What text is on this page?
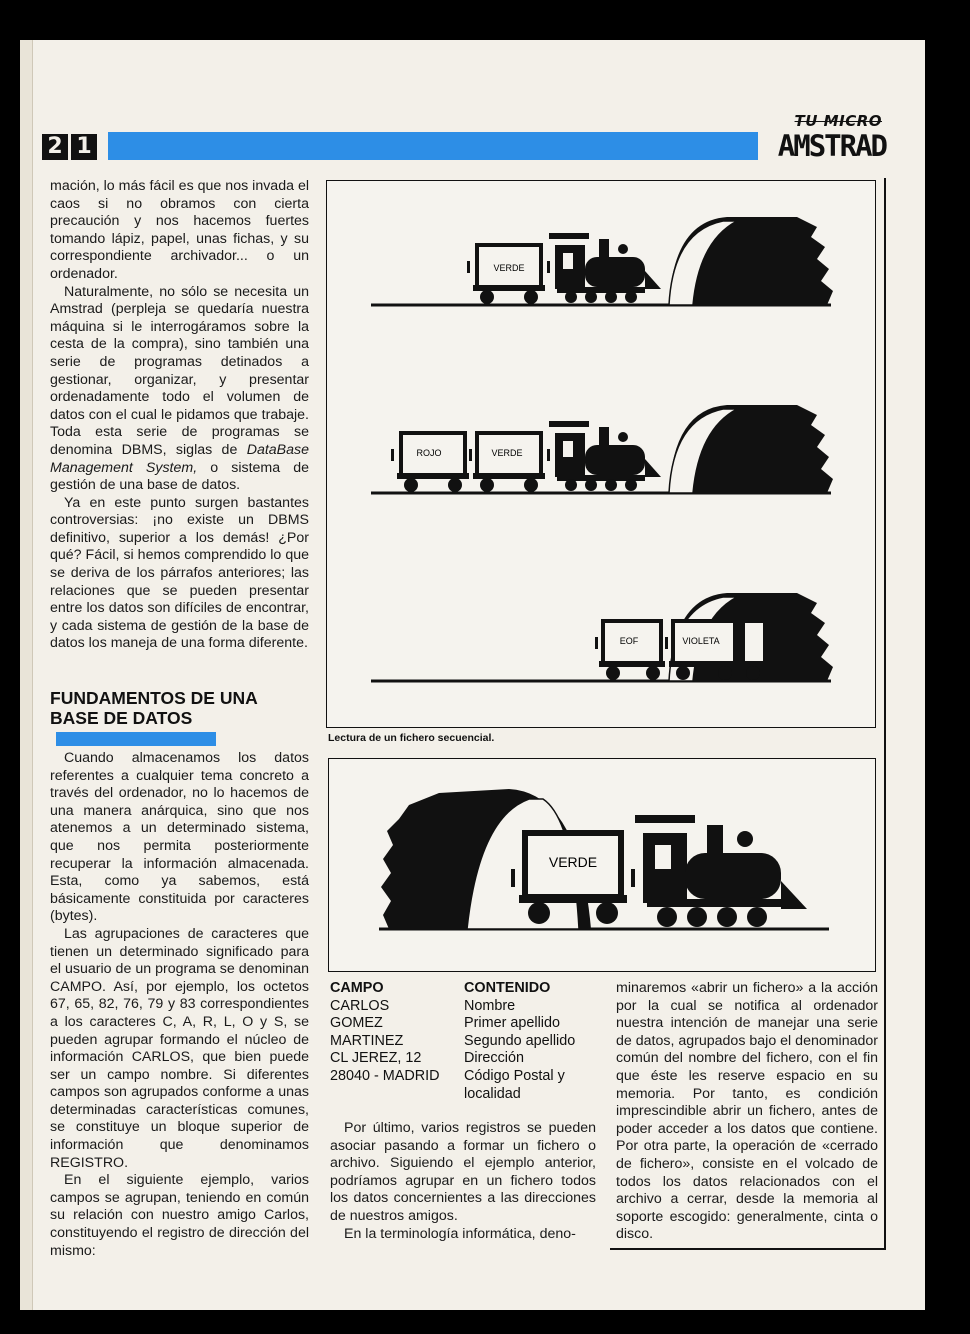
2 1
TU MICRO
AMSTRAD

mación, lo más fácil es que nos invada el caos si no obramos con cierta precaución y nos hacemos fuertes tomando lápiz, papel, unas fichas, y su correspondiente archivador... o un ordenador.

Naturalmente, no sólo se necesita un Amstrad (perpleja se quedaría nuestra máquina si le interrogáramos sobre la cesta de la compra), sino también una serie de programas detinados a gestionar, organizar, y presentar ordenadamente todo el volumen de datos con el cual le pidamos que trabaje. Toda esta serie de programas se denomina DBMS, siglas de DataBase Management System, o sistema de gestión de una base de datos.

Ya en este punto surgen bastantes controversias: ¡no existe un DBMS definitivo, superior a los demás! ¿Por qué? Fácil, si hemos comprendido lo que se deriva de los párrafos anteriores; las relaciones que se pueden presentar entre los datos son difíciles de encontrar, y cada sistema de gestión de la base de datos los maneja de una forma diferente.

FUNDAMENTOS DE UNA BASE DE DATOS

Cuando almacenamos los datos referentes a cualquier tema concreto a través del ordenador, no lo hacemos de una manera anárquica, sino que nos atenemos a un determinado sistema, que nos permita posteriormente recuperar la información almacenada. Esta, como ya sabemos, está básicamente constituida por caracteres (bytes).

Las agrupaciones de caracteres que tienen un determinado significado para el usuario de un programa se denominan CAMPO. Así, por ejemplo, los octetos 67, 65, 82, 76, 79 y 83 correspondientes a los caracteres C, A, R, L, O y S, se pueden agrupar formando el núcleo de información CARLOS, que bien puede ser un campo nombre. Si diferentes campos son agrupados conforme a unas determinadas características comunes, se constituye un bloque superior de información que denominamos REGISTRO.

En el siguiente ejemplo, varios campos se agrupan, teniendo en común su relación con nuestro amigo Carlos, constituyendo el registro de dirección del mismo:

VERDE
ROJO	VERDE
EOF	VIOLETA
Lectura de un fichero secuencial.
VERDE
CAMPO	CONTENIDO
CARLOS	Nombre
GOMEZ	Primer apellido
MARTINEZ	Segundo apellido
CL JEREZ, 12	Dirección
28040 - MADRID	Código Postal y localidad

Por último, varios registros se pueden asociar pasando a formar un fichero o archivo. Siguiendo el ejemplo anterior, podríamos agrupar en un fichero todos los datos concernientes a las direcciones de nuestros amigos.

En la terminología informática, deno-

minaremos «abrir un fichero» a la acción por la cual se notifica al ordenador nuestra intención de manejar una serie de datos, agrupados bajo el denominador común del nombre del fichero, con el fin que éste les reserve espacio en su memoria. Por tanto, es condición imprescindible abrir un fichero, antes de poder acceder a los datos que contiene. Por otra parte, la operación de «cerrado de fichero», consiste en el volcado de todos los datos relacionados con el archivo a cerrar, desde la memoria al soporte escogido: generalmente, cinta o disco.
